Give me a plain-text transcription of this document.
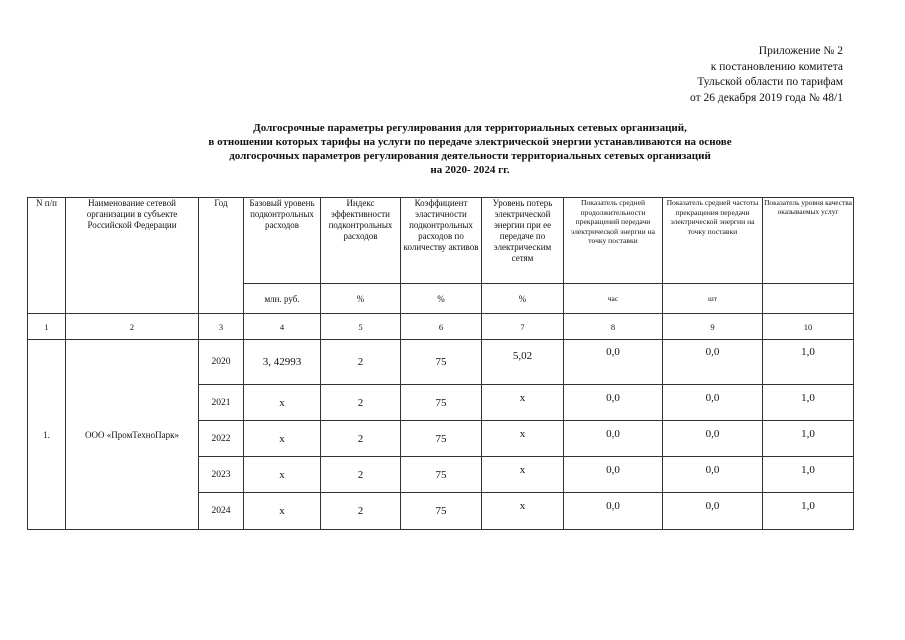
Приложение № 2
к постановлению комитета
Тульской области по тарифам
от 26 декабря 2019 года № 48/1
Долгосрочные параметры регулирования для территориальных сетевых организаций,
в отношении которых тарифы на услуги по передаче электрической энергии устанавливаются на основе
долгосрочных параметров регулирования деятельности территориальных сетевых организаций
на 2020- 2024 гг.
N п/п	Наименование сетевой организации в субъекте Российской Федерации	Год	Базовый уровень подконтрольных расходов	Индекс эффективности подконтрольных расходов	Коэффициент эластичности подконтрольных расходов по количеству активов	Уровень потерь электрической энергии при ее передаче по электрическим сетям	Показатель средней продолжительности прекращений передачи электрической энергии на точку поставки	Показатель средней частоты прекращения передачи электрической энергии на точку поставки	Показатель уровня качества оказываемых услуг
			млн. руб.	%	%	%	час	шт	
1	2	3	4	5	6	7	8	9	10
1.	ООО «ПромТехноПарк»	2020	3, 42993	2	75	5,02	0,0	0,0	1,0
		2021	х	2	75	х	0,0	0,0	1,0
		2022	х	2	75	х	0,0	0,0	1,0
		2023	х	2	75	х	0,0	0,0	1,0
		2024	х	2	75	х	0,0	0,0	1,0
